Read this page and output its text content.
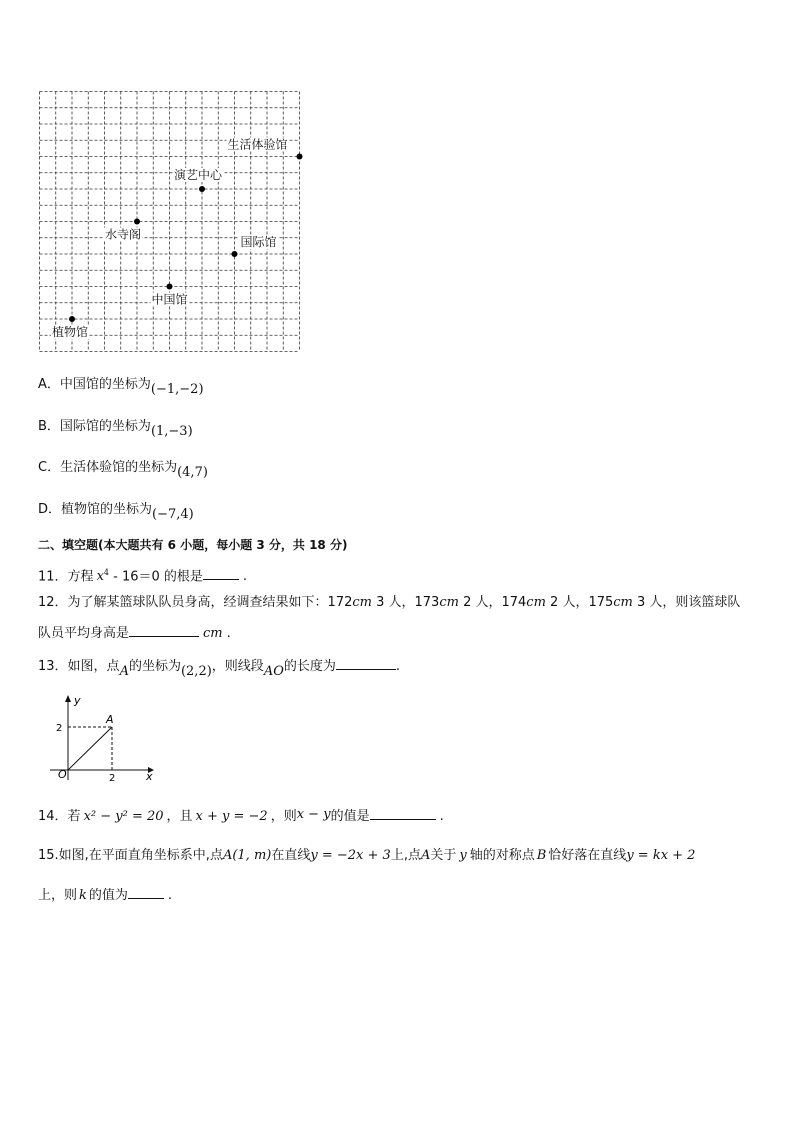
生活体验馆
演艺中心
水寺阁
国际馆
中国馆
植物馆
A．中国馆的坐标为(−1,−2)
B．国际馆的坐标为(1,−3)
C．生活体验馆的坐标为(4,7)
D．植物馆的坐标为(−7,4)
二、填空题(本大题共有 6 小题，每小题 3 分，共 18 分)
11．方程 $x^4 - 16=0$ 的根是	.
12．为了解某篮球队队员身高，经调查结果如下：172cm 3 人，173cm 2 人，174cm 2 人，175cm 3 人，则该篮球队
队员平均身高是	cm .
13．如图，点A的坐标为(2,2)，则线段AO的长度为	.
y
x
O
A
2
2
14．若 x² − y² = 20 ，且 x + y = −2 ，则x − y的值是	.
15.如图,在平面直角坐标系中,点A(1, m)在直线y = −2x + 3上,点A关于 y 轴的对称点 B 恰好落在直线y = kx + 2
上，则 k 的值为	.
